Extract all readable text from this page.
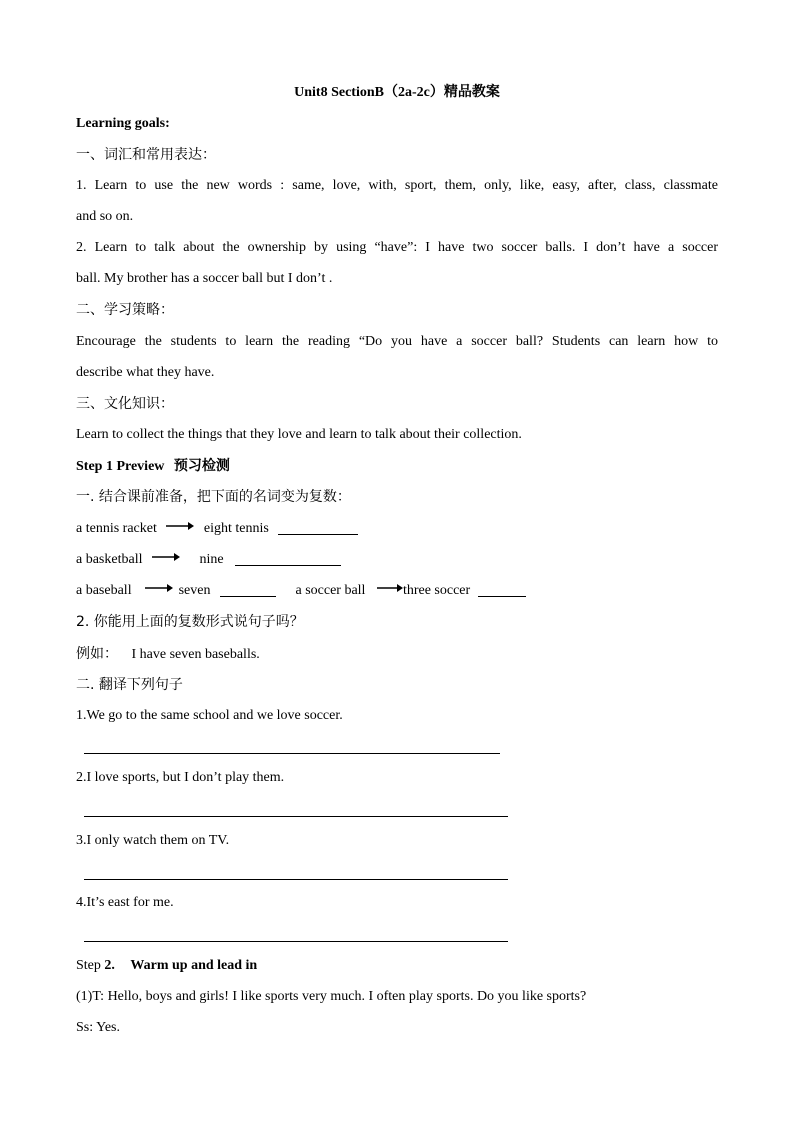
Unit8 SectionB（2a-2c）精品教案
Learning goals:
一、词汇和常用表达：
1. Learn to use the new words : same, love, with, sport, them, only, like, easy, after, class, classmate
and so on.
2. Learn to talk about the ownership by using “have”: I have two soccer balls. I don’t have a soccer
ball. My brother has a soccer ball but I don’t .
二、学习策略：
Encourage the students to learn the reading “Do you have a soccer ball? Students can learn how to
describe what they have.
三、文化知识：
Learn to collect the things that they love and learn to talk about their collection.
Step 1 Preview 预习检测
一. 结合课前准备，把下面的名词变为复数：
a tennis racket	eight tennis
a basketball	nine
a baseball	seven	a soccer ball	three soccer
2. 你能用上面的复数形式说句子吗？
例如： I have seven baseballs.
二. 翻译下列句子
1.We go to the same school and we love soccer.
2.I love sports, but I don’t play them.
3.I only watch them on TV.
4.It’s east for me.
Step 2. Warm up and lead in
(1)T: Hello, boys and girls! I like sports very much. I often play sports. Do you like sports?
Ss: Yes.
